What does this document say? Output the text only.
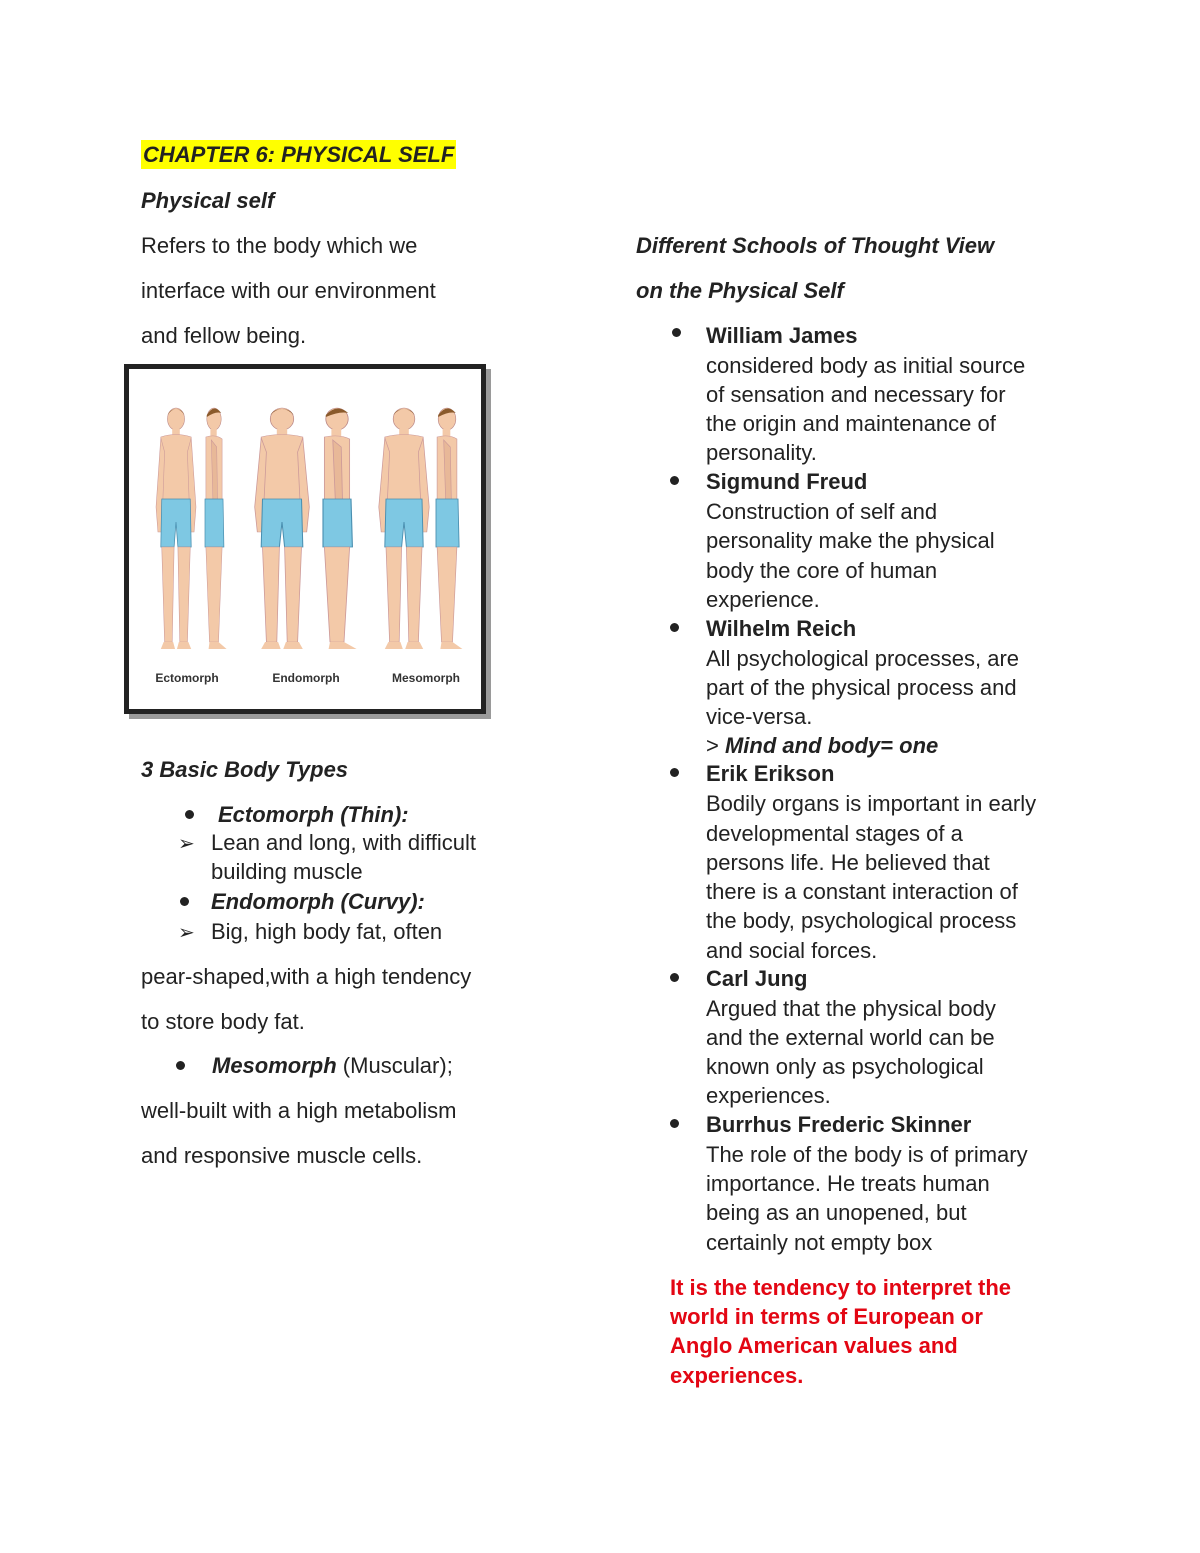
CHAPTER 6: PHYSICAL SELF
Physical self
Refers to the body which we
interface with our environment
and fellow being.
Ectomorph	Endomorph	Mesomorph
3 Basic Body Types
Ectomorph (Thin):
➢ Lean and long, with difficult
building muscle
Endomorph (Curvy):
➢ Big, high body fat, often
pear-shaped,with a high tendency
to store body fat.
Mesomorph (Muscular);
well-built with a high metabolism
and responsive muscle cells.
Different Schools of Thought View
on the Physical Self
William James
considered body as initial source
of sensation and necessary for
the origin and maintenance of
personality.
Sigmund Freud
Construction of self and
personality make the physical
body the core of human
experience.
Wilhelm Reich
All psychological processes, are
part of the physical process and
vice-versa.
> Mind and body= one
Erik Erikson
Bodily organs is important in early
developmental stages of a
persons life. He believed that
there is a constant interaction of
the body, psychological process
and social forces.
Carl Jung
Argued that the physical body
and the external world can be
known only as psychological
experiences.
Burrhus Frederic Skinner
The role of the body is of primary
importance. He treats human
being as an unopened, but
certainly not empty box
It is the tendency to interpret the
world in terms of European or
Anglo American values and
experiences.
